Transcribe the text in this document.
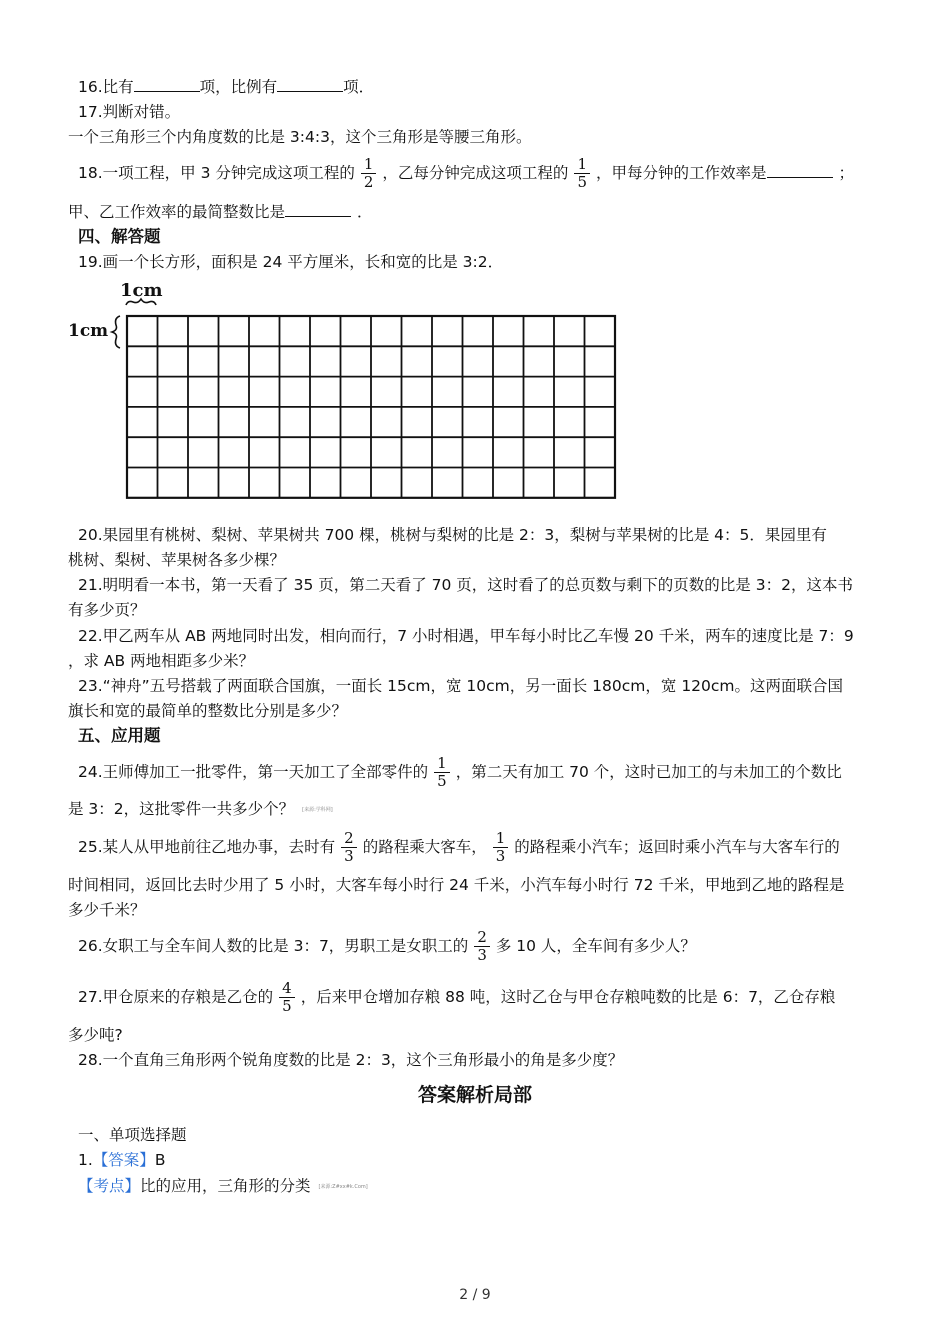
16.比有	项，比例有	项．
17.判断对错。
一个三角形三个内角度数的比是 3:4:3，这个三角形是等腰三角形。
18.一项工程，甲 3 分钟完成这项工程的 $\frac{1}{2}$ ，乙每分钟完成这项工程的 $\frac{1}{5}$ ，甲每分钟的工作效率是	；
甲、乙工作效率的最简整数比是	．
四、解答题
19.画一个长方形，面积是 24 平方厘米，长和宽的比是 3:2．
1cm
1cm
20.果园里有桃树、梨树、苹果树共 700 棵，桃树与梨树的比是 2：3，梨树与苹果树的比是 4：5．果园里有
桃树、梨树、苹果树各多少棵？
21.明明看一本书，第一天看了 35 页，第二天看了 70 页，这时看了的总页数与剩下的页数的比是 3：2，这本书
有多少页？
22.甲乙两车从 AB 两地同时出发，相向而行，7 小时相遇，甲车每小时比乙车慢 20 千米，两车的速度比是 7：9
，求 AB 两地相距多少米？
23.“神舟”五号搭载了两面联合国旗，一面长 15cm，宽 10cm，另一面长 180cm，宽 120cm。这两面联合国
旗长和宽的最简单的整数比分别是多少？
五、应用题
24.王师傅加工一批零件，第一天加工了全部零件的 $\frac{1}{5}$ ，第二天有加工 70 个，这时已加工的与未加工的个数比
是 3：2，这批零件一共多少个？ [来源:学科网]
25.某人从甲地前往乙地办事，去时有 $\frac{2}{3}$ 的路程乘大客车， $\frac{1}{3}$ 的路程乘小汽车；返回时乘小汽车与大客车行的
时间相同，返回比去时少用了 5 小时，大客车每小时行 24 千米，小汽车每小时行 72 千米，甲地到乙地的路程是
多少千米？
26.女职工与全车间人数的比是 3：7，男职工是女职工的 $\frac{2}{3}$ 多 10 人，全车间有多少人？
27.甲仓原来的存粮是乙仓的 $\frac{4}{5}$ ，后来甲仓增加存粮 88 吨，这时乙仓与甲仓存粮吨数的比是 6：7，乙仓存粮
多少吨?
28.一个直角三角形两个锐角度数的比是 2：3，这个三角形最小的角是多少度？
答案解析局部
一、单项选择题
1.【答案】B
【考点】比的应用，三角形的分类 [来源:Z#xx#k.Com]
2 / 9
